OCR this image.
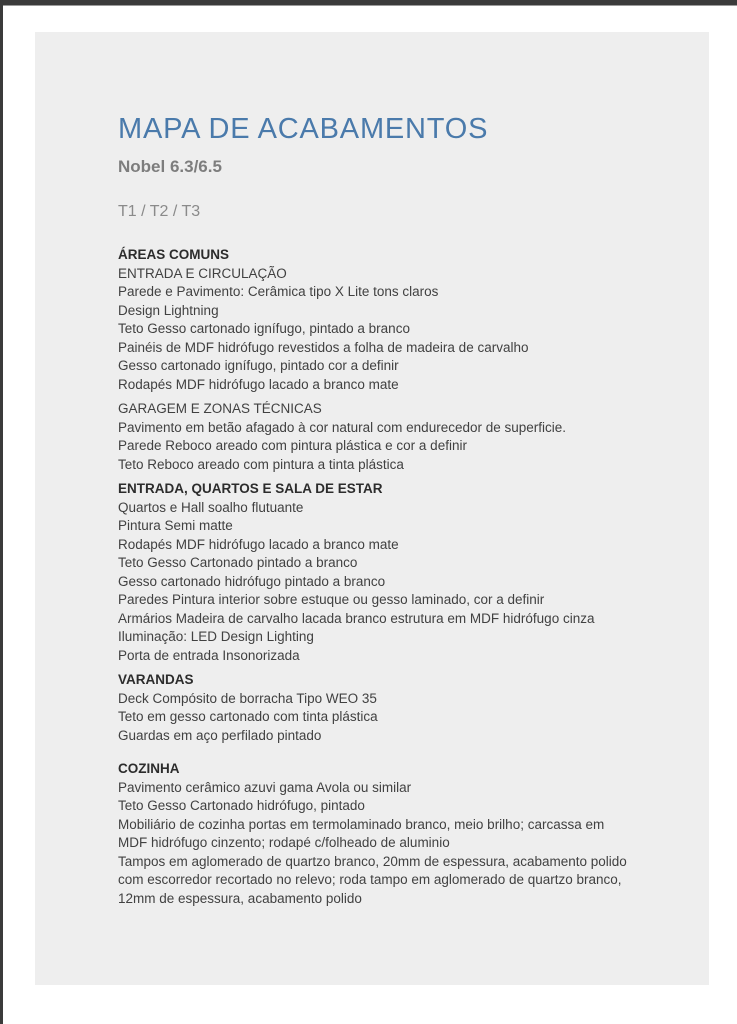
MAPA DE ACABAMENTOS
Nobel 6.3/6.5
T1 / T2 / T3
ÁREAS COMUNS
ENTRADA E CIRCULAÇÃO
Parede e Pavimento: Cerâmica tipo X Lite tons claros
Design Lightning
Teto Gesso cartonado ignífugo, pintado a branco
Painéis de MDF hidrófugo revestidos a folha de madeira de carvalho
Gesso cartonado ignífugo, pintado cor a definir
Rodapés MDF hidrófugo lacado a branco mate
GARAGEM E ZONAS TÉCNICAS
Pavimento em betão afagado à cor natural com endurecedor de superficie.
Parede Reboco areado com pintura plástica e cor a definir
Teto Reboco areado com pintura a tinta plástica
ENTRADA, QUARTOS E SALA DE ESTAR
Quartos e Hall soalho flutuante
Pintura Semi matte
Rodapés MDF hidrófugo lacado a branco mate
Teto Gesso Cartonado pintado a branco
Gesso cartonado hidrófugo pintado a branco
Paredes Pintura interior sobre estuque ou gesso laminado, cor a definir
Armários Madeira de carvalho lacada branco estrutura em MDF hidrófugo cinza
Iluminação: LED Design Lighting
Porta de entrada Insonorizada
VARANDAS
Deck Compósito de borracha Tipo WEO 35
Teto em gesso cartonado com tinta plástica
Guardas em aço perfilado pintado
COZINHA
Pavimento cerâmico azuvi gama Avola ou similar
Teto Gesso Cartonado hidrófugo, pintado
Mobiliário de cozinha portas em termolaminado branco, meio brilho; carcassa em MDF hidrófugo cinzento; rodapé c/folheado de aluminio
Tampos em aglomerado de quartzo branco, 20mm de espessura, acabamento polido com escorredor recortado no relevo; roda tampo em aglomerado de quartzo branco, 12mm de espessura, acabamento polido
